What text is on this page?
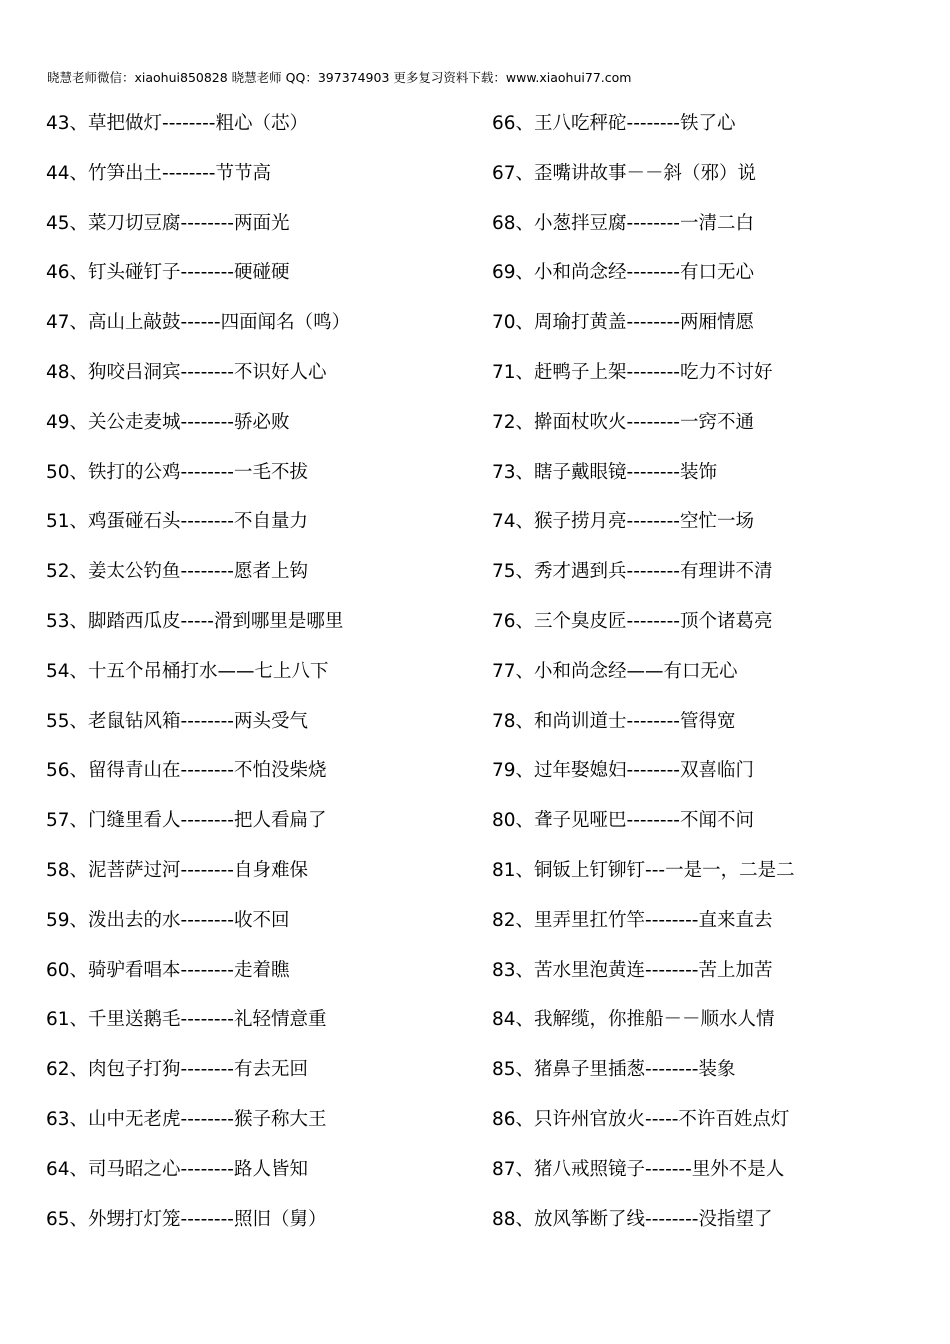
晓慧老师微信：xiaohui850828 晓慧老师 QQ：397374903 更多复习资料下载：www.xiaohui77.com
43、草把做灯--------粗心（芯）
44、竹笋出土--------节节高
45、菜刀切豆腐--------两面光
46、钉头碰钉子--------硬碰硬
47、高山上敲鼓------四面闻名（鸣）
48、狗咬吕洞宾--------不识好人心
49、关公走麦城--------骄必败
50、铁打的公鸡--------一毛不拔
51、鸡蛋碰石头--------不自量力
52、姜太公钓鱼--------愿者上钩
53、脚踏西瓜皮-----滑到哪里是哪里
54、十五个吊桶打水——七上八下
55、老鼠钻风箱--------两头受气
56、留得青山在--------不怕没柴烧
57、门缝里看人--------把人看扁了
58、泥菩萨过河--------自身难保
59、泼出去的水--------收不回
60、骑驴看唱本--------走着瞧
61、千里送鹅毛--------礼轻情意重
62、肉包子打狗--------有去无回
63、山中无老虎--------猴子称大王
64、司马昭之心--------路人皆知
65、外甥打灯笼--------照旧（舅）
66、王八吃秤砣--------铁了心
67、歪嘴讲故事－－斜（邪）说
68、小葱拌豆腐--------一清二白
69、小和尚念经--------有口无心
70、周瑜打黄盖--------两厢情愿
71、赶鸭子上架--------吃力不讨好
72、擀面杖吹火--------一窍不通
73、瞎子戴眼镜--------装饰
74、猴子捞月亮--------空忙一场
75、秀才遇到兵--------有理讲不清
76、三个臭皮匠--------顶个诸葛亮
77、小和尚念经——有口无心
78、和尚训道士--------管得宽
79、过年娶媳妇--------双喜临门
80、聋子见哑巴--------不闻不问
81、铜钣上钉铆钉---一是一，二是二
82、里弄里扛竹竿--------直来直去
83、苦水里泡黄连--------苦上加苦
84、我解缆，你推船－－顺水人情
85、猪鼻子里插葱--------装象
86、只许州官放火-----不许百姓点灯
87、猪八戒照镜子-------里外不是人
88、放风筝断了线--------没指望了
